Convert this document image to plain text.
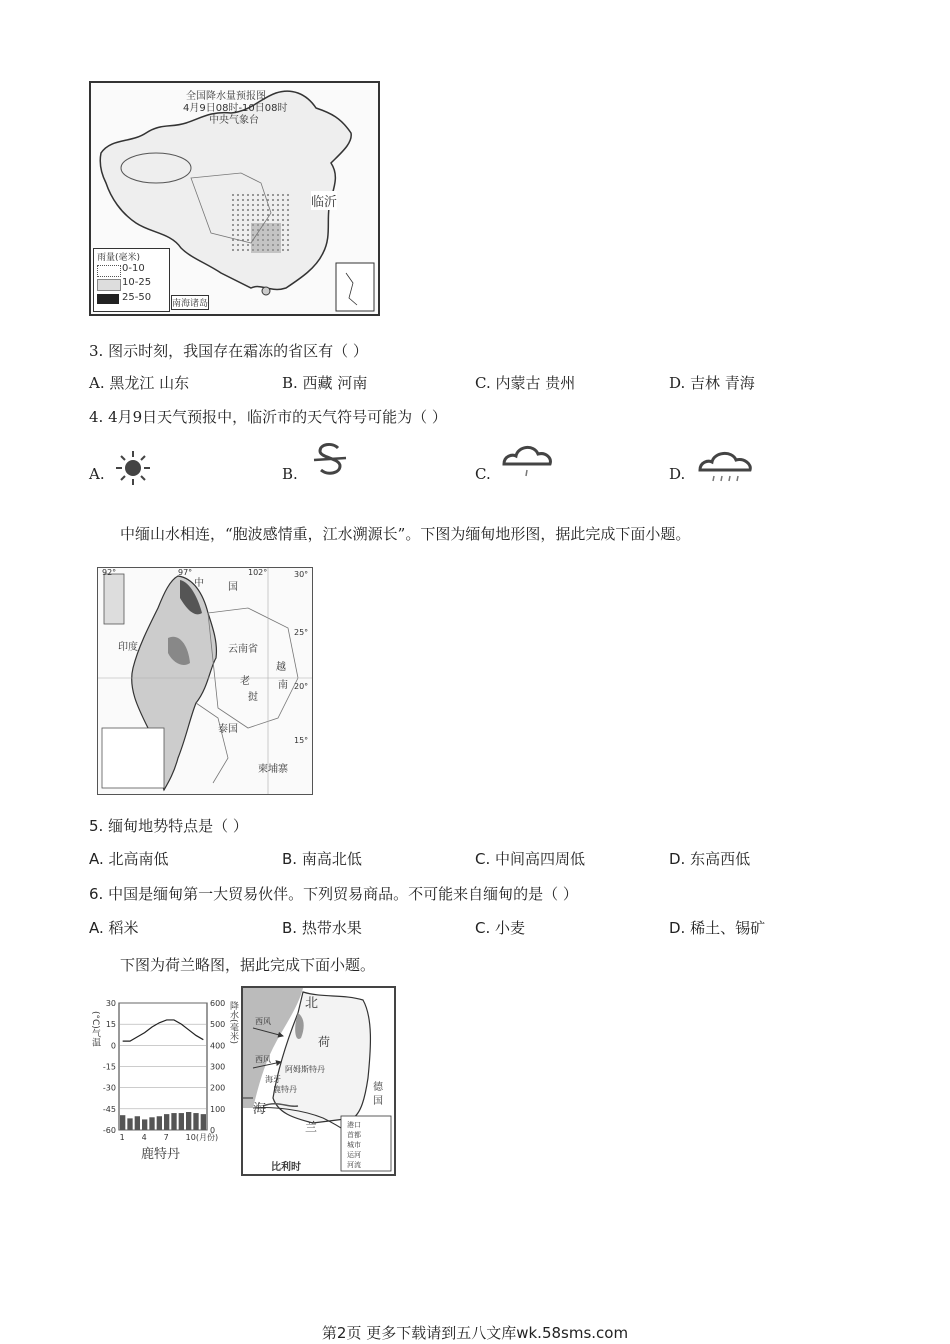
全国降水量预报图
4月9日08时-10日08时
中央气象台
临沂
雨量(毫米)
0-10
10-25
25-50
南海诸岛
3. 图示时刻，我国存在霜冻的省区有（ ）
A. 黑龙江 山东	B. 西藏 河南	C. 内蒙古 贵州	D. 吉林 青海
4. 4月9日天气预报中，临沂市的天气符号可能为（ ）
A.	B.	C.	D.
中缅山水相连，“胞波感情重，江水溯源长”。下图为缅甸地形图，据此完成下面小题。
中 国
印度	云南省
越
南
老
挝
泰国
柬埔寨
30°
25°
20°
15°
92°	97°	102°
5. 缅甸地势特点是（ ）
A. 北高南低	B. 南高北低	C. 中间高四周低	D. 东高西低
6. 中国是缅甸第一大贸易伙伴。下列贸易商品。不可能来自缅甸的是（ ）
A. 稻米	B. 热带水果	C. 小麦	D. 稀土、锡矿
下图为荷兰略图，据此完成下面小题。
30
15
0
-15
-30
-45
-60
600
500
400
300
200
100
0
1 4 7 10(月份)
(°C)气温	降水(毫米)
鹿特丹
北
海
荷
兰
德
国
比利时
阿姆斯特丹
鹿特丹
海牙
西风
西风
港口
首都
城市
运河
河流
第2页 更多下载请到五八文库wk.58sms.com
